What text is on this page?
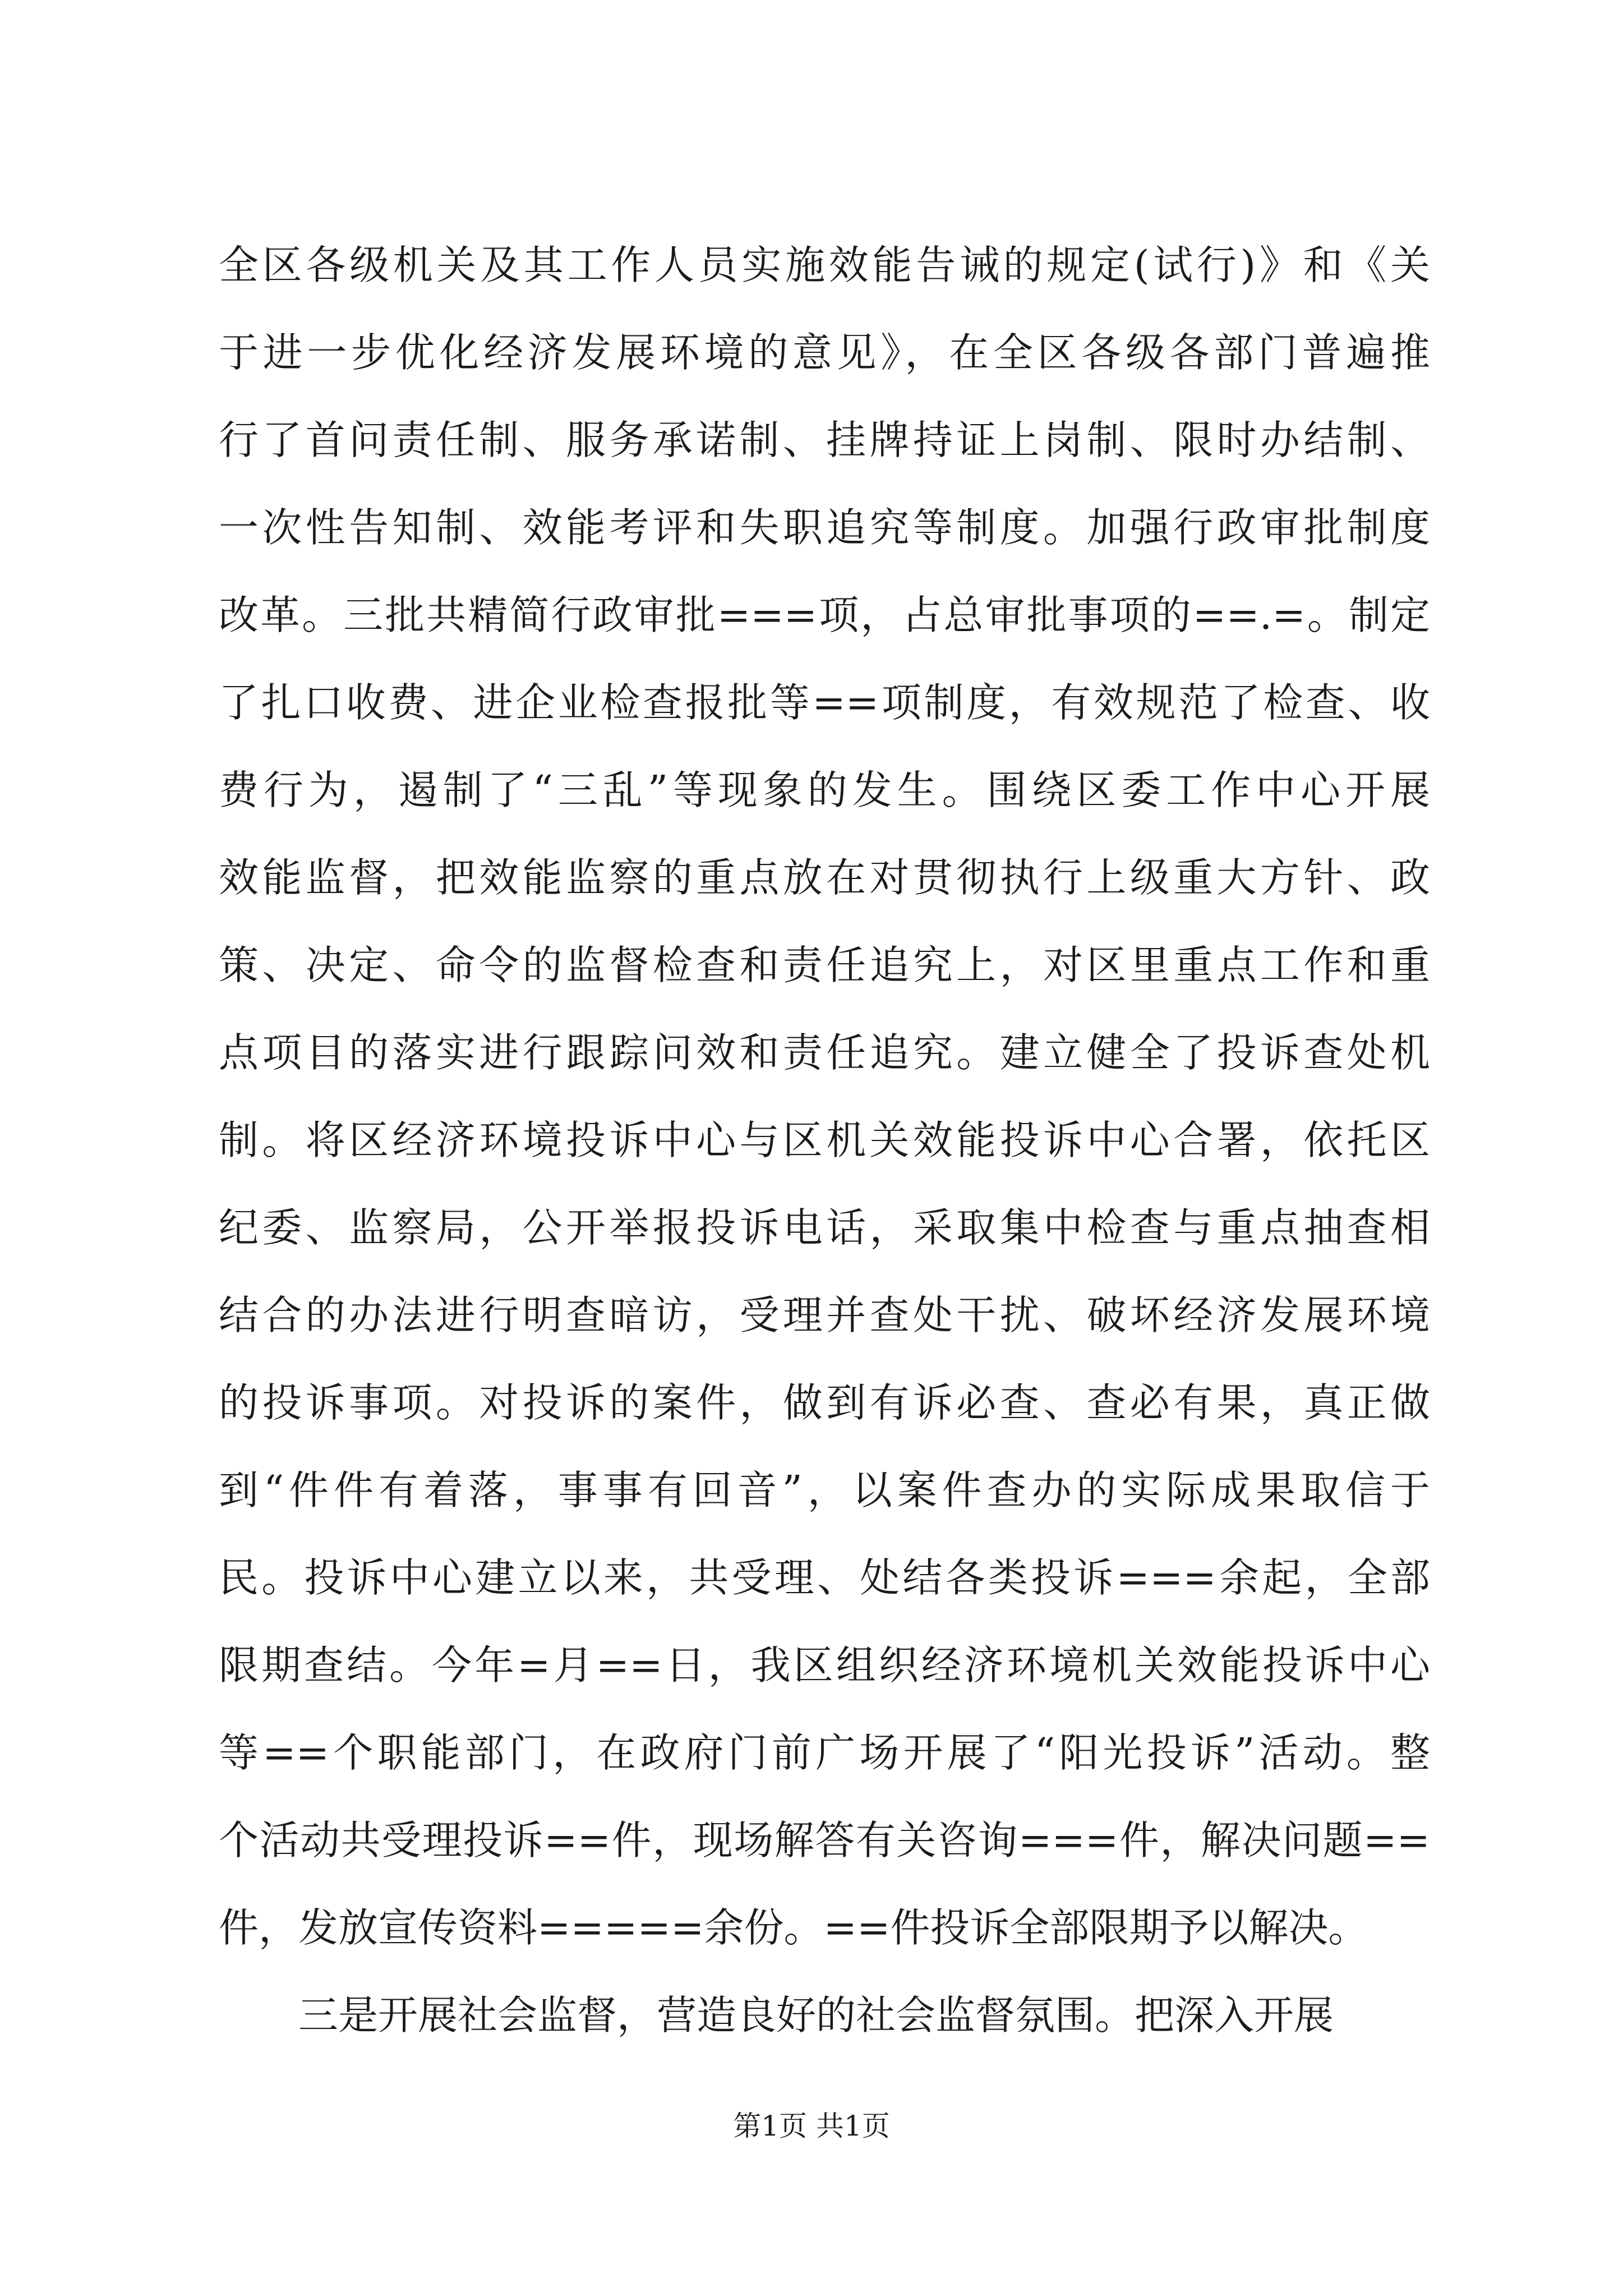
全区各级机关及其工作人员实施效能告诫的规定(试行)》和《关
于进一步优化经济发展环境的意见》，在全区各级各部门普遍推
行了首问责任制、服务承诺制、挂牌持证上岗制、限时办结制、
一次性告知制、效能考评和失职追究等制度。加强行政审批制度
改革。三批共精简行政审批===项，占总审批事项的==.=。制定
了扎口收费、进企业检查报批等==项制度，有效规范了检查、收
费行为，遏制了“三乱”等现象的发生。围绕区委工作中心开展
效能监督，把效能监察的重点放在对贯彻执行上级重大方针、政
策、决定、命令的监督检查和责任追究上，对区里重点工作和重
点项目的落实进行跟踪问效和责任追究。建立健全了投诉查处机
制。将区经济环境投诉中心与区机关效能投诉中心合署，依托区
纪委、监察局，公开举报投诉电话，采取集中检查与重点抽查相
结合的办法进行明查暗访，受理并查处干扰、破坏经济发展环境
的投诉事项。对投诉的案件，做到有诉必查、查必有果，真正做
到“件件有着落，事事有回音”，以案件查办的实际成果取信于
民。投诉中心建立以来，共受理、处结各类投诉===余起，全部
限期查结。今年=月==日，我区组织经济环境机关效能投诉中心
等==个职能部门，在政府门前广场开展了“阳光投诉”活动。整
个活动共受理投诉==件，现场解答有关咨询===件，解决问题==
件，发放宣传资料=====余份。==件投诉全部限期予以解决。
三是开展社会监督，营造良好的社会监督氛围。把深入开展
第1页 共1页
